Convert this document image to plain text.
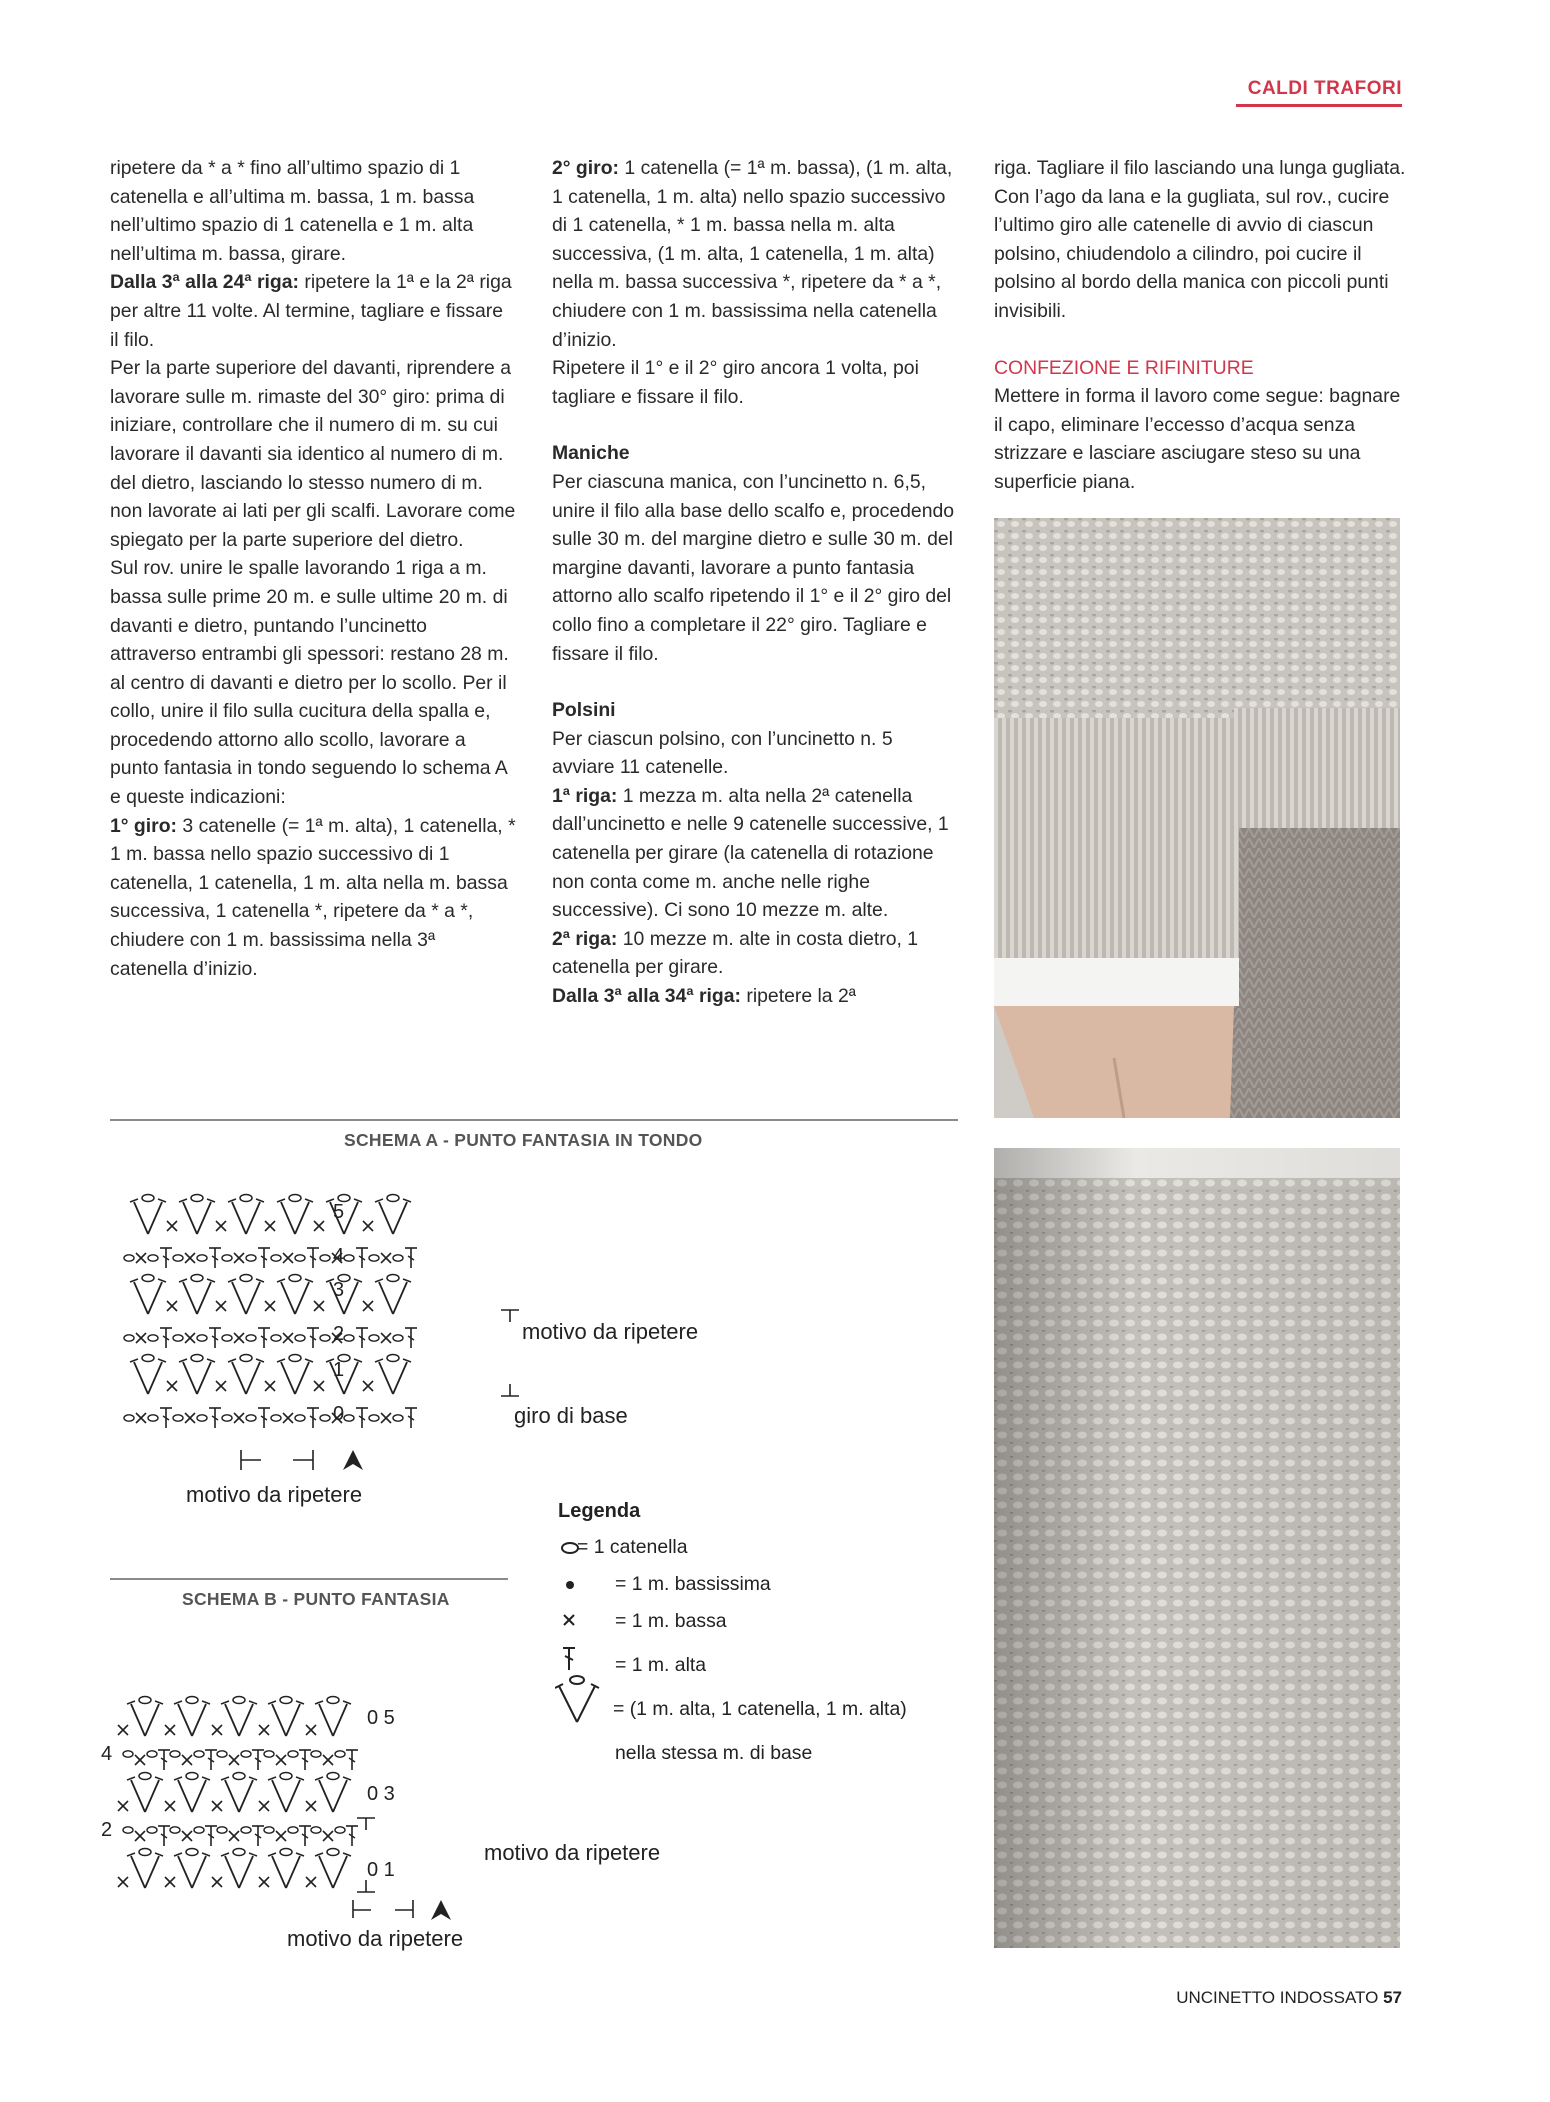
CALDI TRAFORI

ripetere da * a * fino all’ultimo spazio di 1 catenella e all’ultima m. bassa, 1 m. bassa nell’ultimo spazio di 1 catenella e 1 m. alta nell’ultima m. bassa, girare.

Dalla 3ª alla 24ª riga: ripetere la 1ª e la 2ª riga per altre 11 volte. Al termine, tagliare e fissare il filo.

Per la parte superiore del davanti, riprendere a lavorare sulle m. rimaste del 30° giro: prima di iniziare, controllare che il numero di m. su cui lavorare il davanti sia identico al numero di m. del dietro, lasciando lo stesso numero di m. non lavorate ai lati per gli scalfi. Lavorare come spiegato per la parte superiore del dietro.

Sul rov. unire le spalle lavorando 1 riga a m. bassa sulle prime 20 m. e sulle ultime 20 m. di davanti e dietro, puntando l’uncinetto attraverso entrambi gli spessori: restano 28 m. al centro di davanti e dietro per lo scollo. Per il collo, unire il filo sulla cucitura della spalla e, procedendo attorno allo scollo, lavorare a punto fantasia in tondo seguendo lo schema A e queste indicazioni:

1° giro: 3 catenelle (= 1ª m. alta), 1 catenella, * 1 m. bassa nello spazio successivo di 1 catenella, 1 catenella, 1 m. alta nella m. bassa successiva, 1 catenella *, ripetere da * a *, chiudere con 1 m. bassissima nella 3ª catenella d’inizio.

2° giro: 1 catenella (= 1ª m. bassa), (1 m. alta, 1 catenella, 1 m. alta) nello spazio successivo di 1 catenella, * 1 m. bassa nella m. alta successiva, (1 m. alta, 1 catenella, 1 m. alta) nella m. bassa successiva *, ripetere da * a *, chiudere con 1 m. bassissima nella catenella d’inizio.

Ripetere il 1° e il 2° giro ancora 1 volta, poi tagliare e fissare il filo.

Maniche

Per ciascuna manica, con l’uncinetto n. 6,5, unire il filo alla base dello scalfo e, procedendo sulle 30 m. del margine dietro e sulle 30 m. del margine davanti, lavorare a punto fantasia attorno allo scalfo ripetendo il 1° e il 2° giro del collo fino a completare il 22° giro. Tagliare e fissare il filo.

Polsini

Per ciascun polsino, con l’uncinetto n. 5 avviare 11 catenelle.

1ª riga: 1 mezza m. alta nella 2ª catenella dall’uncinetto e nelle 9 catenelle successive, 1 catenella per girare (la catenella di rotazione non conta come m. anche nelle righe successive). Ci sono 10 mezze m. alte.

2ª riga: 10 mezze m. alte in costa dietro, 1 catenella per girare.

Dalla 3ª alla 34ª riga: ripetere la 2ª

riga. Tagliare il filo lasciando una lunga gugliata. Con l’ago da lana e la gugliata, sul rov., cucire l’ultimo giro alle catenelle di avvio di ciascun polsino, chiudendolo a cilindro, poi cucire il polsino al bordo della manica con piccoli punti invisibili.

CONFEZIONE E RIFINITURE

Mettere in forma il lavoro come segue: bagnare il capo, eliminare l’eccesso d’acqua senza strizzare e lasciare asciugare steso su una superficie piana.

SCHEMA A - PUNTO FANTASIA IN TONDO
5
4
3
2
1
0
motivo da ripetere
giro di base
motivo da ripetere
SCHEMA B - PUNTO FANTASIA
0 5
0 3
0 1
4
2
motivo da ripetere
motivo da ripetere
Legenda
= 1 catenella
= 1 m. bassissima
= 1 m. bassa
= 1 m. alta
= (1 m. alta, 1 catenella, 1 m. alta)
nella stessa m. di base
UNCINETTO INDOSSATO 57
